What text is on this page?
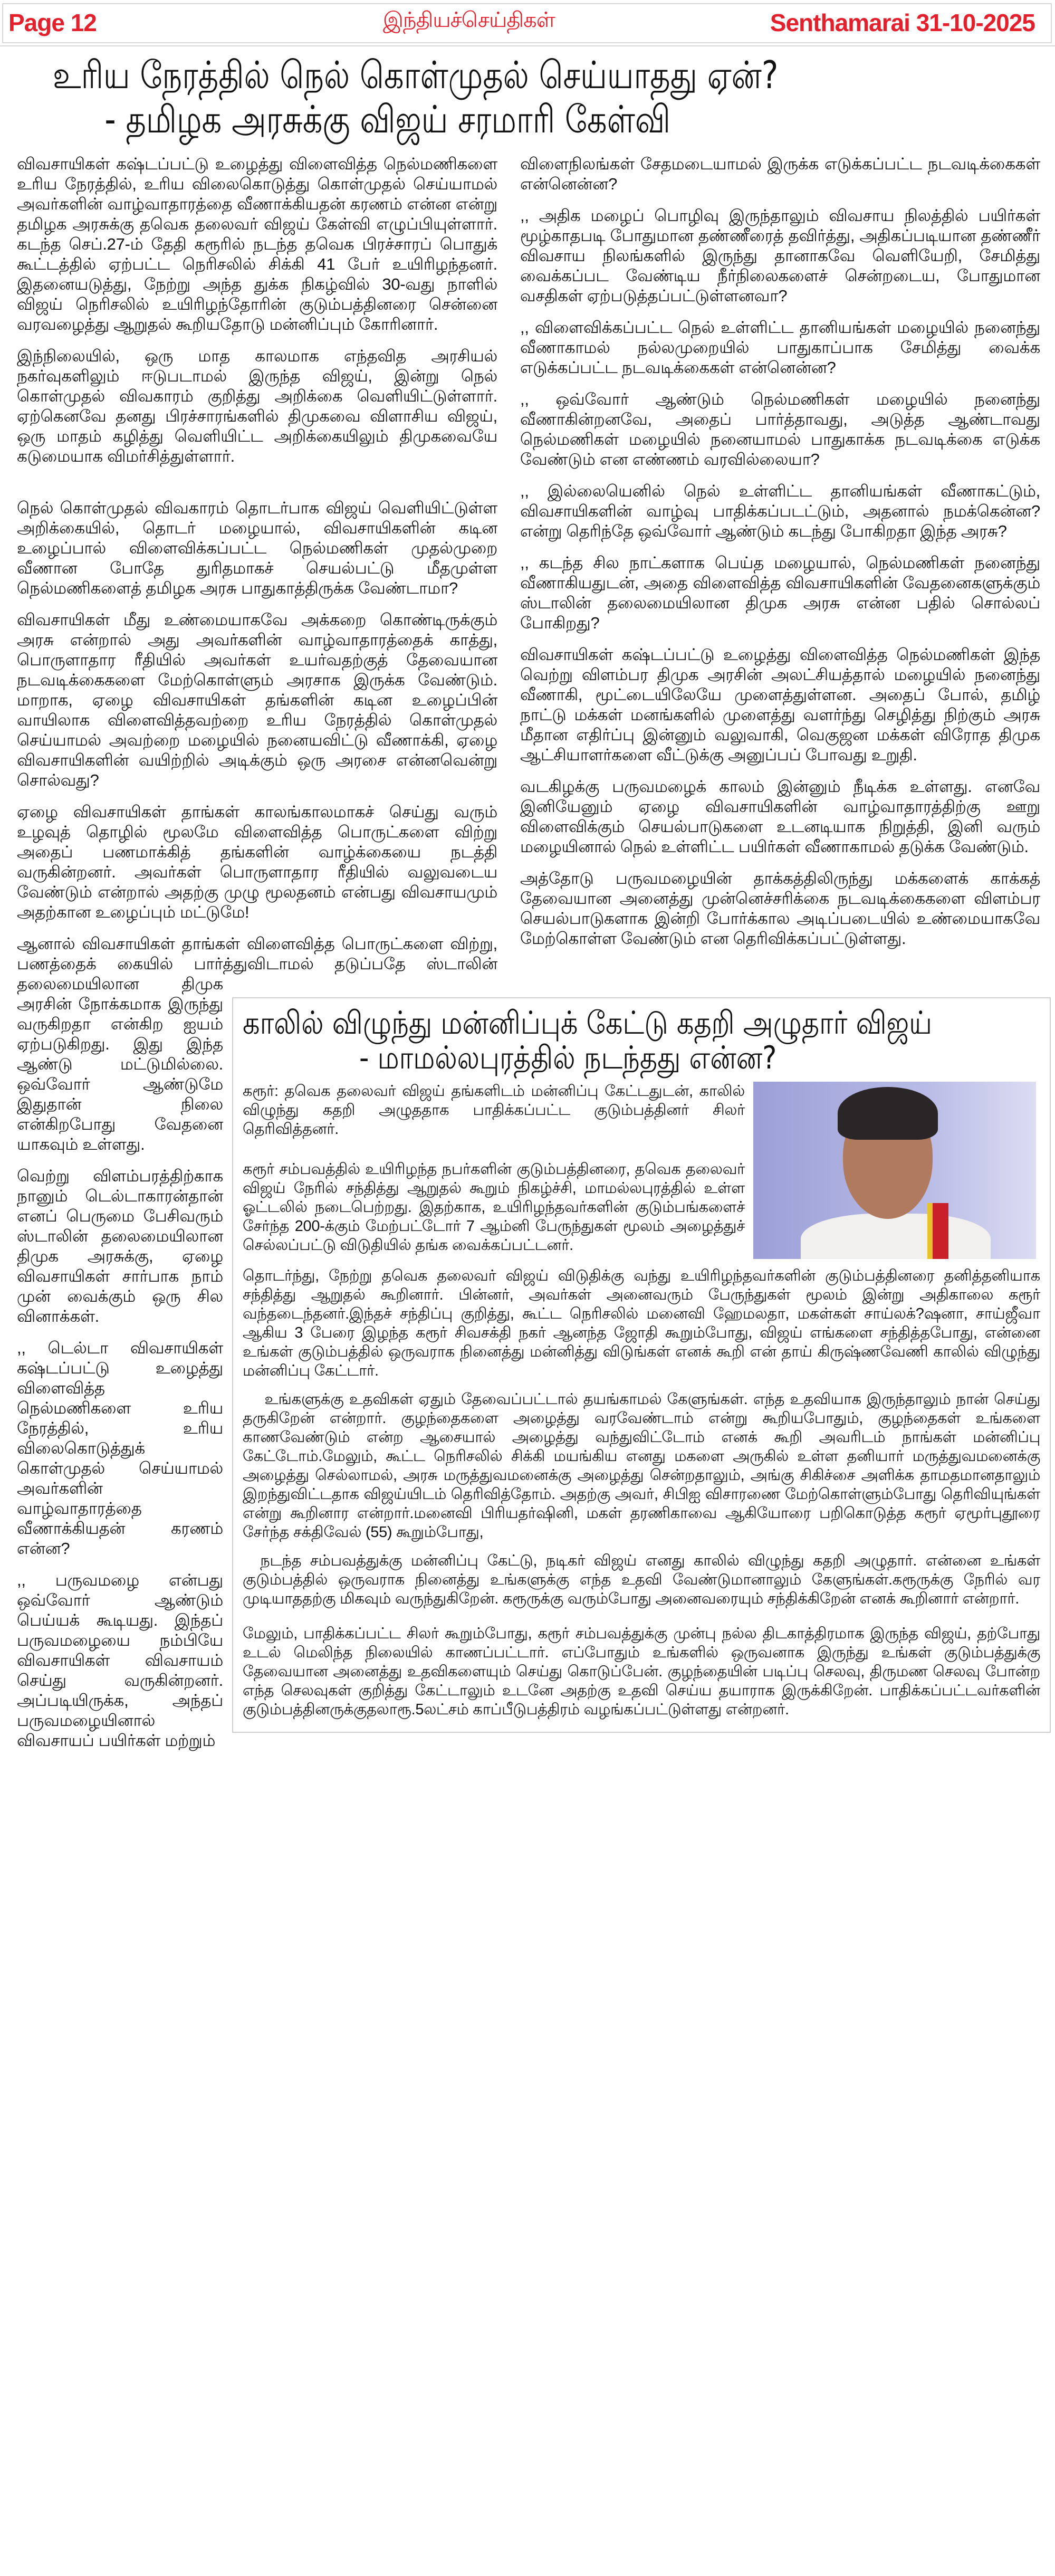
Page 12	இந்தியச்செய்திகள்	Senthamarai 31-10-2025
உரிய நேரத்தில் நெல் கொள்முதல் செய்யாதது ஏன்?
- தமிழக அரசுக்கு விஜய் சரமாரி கேள்வி

விவசாயிகள் கஷ்டப்பட்டு உழைத்து விளைவித்த நெல்மணிகளை உரிய நேரத்தில், உரிய விலைகொடுத்து கொள்முதல் செய்யாமல் அவர்களின் வாழ்வாதாரத்தை வீணாக்கியதன் கரணம் என்ன என்று தமிழக அரசுக்கு தவெக தலைவர் விஜய் கேள்வி எழுப்பியுள்ளார். கடந்த செப்.27-ம் தேதி கரூரில் நடந்த தவெக பிரச்சாரப் பொதுக் கூட்டத்தில் ஏற்பட்ட நெரிசலில் சிக்கி 41 பேர் உயிரிழந்தனர். இதனையடுத்து, நேற்று அந்த துக்க நிகழ்வில் 30-வது நாளில் விஜய் நெரிசலில் உயிரிழந்தோரின் குடும்பத்தினரை சென்னை வரவழைத்து ஆறுதல் கூறியதோடு மன்னிப்பும் கோரினார்.

இந்நிலையில், ஒரு மாத காலமாக எந்தவித அரசியல் நகர்வுகளிலும் ஈடுபடாமல் இருந்த விஜய், இன்று நெல் கொள்முதல் விவகாரம் குறித்து அறிக்கை வெளியிட்டுள்ளார். ஏற்கெனவே தனது பிரச்சாரங்களில் திமுகவை விளாசிய விஜய், ஒரு மாதம் கழித்து வெளியிட்ட அறிக்கையிலும் திமுகவையே கடுமையாக விமர்சித்துள்ளார்.

நெல் கொள்முதல் விவகாரம் தொடர்பாக விஜய் வெளியிட்டுள்ள அறிக்கையில், தொடர் மழையால், விவசாயிகளின் கடின உழைப்பால் விளைவிக்கப்பட்ட நெல்மணிகள் முதல்முறை வீணான போதே துரிதமாகச் செயல்பட்டு மீதமுள்ள நெல்மணிகளைத் தமிழக அரசு பாதுகாத்திருக்க வேண்டாமா?

விவசாயிகள் மீது உண்மையாகவே அக்கறை கொண்டிருக்கும் அரசு என்றால் அது அவர்களின் வாழ்வாதாரத்தைக் காத்து, பொருளாதார ரீதியில் அவர்கள் உயர்வதற்குத் தேவையான நடவடிக்கைகளை மேற்கொள்ளும் அரசாக இருக்க வேண்டும். மாறாக, ஏழை விவசாயிகள் தங்களின் கடின உழைப்பின் வாயிலாக விளைவித்தவற்றை உரிய நேரத்தில் கொள்முதல் செய்யாமல் அவற்றை மழையில் நனையவிட்டு வீணாக்கி, ஏழை விவசாயிகளின் வயிற்றில் அடிக்கும் ஒரு அரசை என்னவென்று சொல்வது?

ஏழை விவசாயிகள் தாங்கள் காலங்காலமாகச் செய்து வரும் உழவுத் தொழில் மூலமே விளைவித்த பொருட்களை விற்று அதைப் பணமாக்கித் தங்களின் வாழ்க்கையை நடத்தி வருகின்றனர். அவர்கள் பொருளாதார ரீதியில் வலுவடைய வேண்டும் என்றால் அதற்கு முழு மூலதனம் என்பது விவசாயமும் அதற்கான உழைப்பும் மட்டுமே!

ஆனால் விவசாயிகள் தாங்கள் விளைவித்த பொருட்களை விற்று, பணத்தைக் கையில் பார்த்துவிடாமல் தடுப்பதே ஸ்டாலின் தலைமையிலான திமுக அரசின் நோக்கமாக இருந்து வருகிறதா என்கிற ஐயம் ஏற்படுகிறது. இது இந்த ஆண்டு மட்டுமில்லை. ஒவ்வோர் ஆண்டுமே இதுதான் நிலை என்கிறபோது வேதனை யாகவும் உள்ளது.

வெற்று விளம்பரத்திற்காக நானும் டெல்டாகாரன்தான் எனப் பெருமை பேசிவரும் ஸ்டாலின் தலைமையிலான திமுக அரசுக்கு, ஏழை விவசாயிகள் சார்பாக நாம் முன் வைக்கும் ஒரு சில வினாக்கள்.

,, டெல்டா விவசாயிகள் கஷ்டப்பட்டு உழைத்து விளைவித்த நெல்மணிகளை உரிய நேரத்தில், உரிய விலைகொடுத்துக் கொள்முதல் செய்யாமல் அவர்களின் வாழ்வாதாரத்தை வீணாக்கியதன் கரணம் என்ன?

,, பருவமழை என்பது ஒவ்வோர் ஆண்டும் பெய்யக் கூடியது. இந்தப் பருவமழையை நம்பியே விவசாயிகள் விவசாயம் செய்து வருகின்றனர். அப்படியிருக்க, அந்தப் பருவமழையினால் விவசாயப் பயிர்கள் மற்றும்

விளைநிலங்கள் சேதமடையாமல் இருக்க எடுக்கப்பட்ட நடவடிக்கைகள் என்னென்ன?

,, அதிக மழைப் பொழிவு இருந்தாலும் விவசாய நிலத்தில் பயிர்கள் மூழ்காதபடி போதுமான தண்ணீரைத் தவிர்த்து, அதிகப்படியான தண்ணீர் விவசாய நிலங்களில் இருந்து தானாகவே வெளியேறி, சேமித்து வைக்கப்பட வேண்டிய நீர்நிலைகளைச் சென்றடைய, போதுமான வசதிகள் ஏற்படுத்தப்பட்டுள்ளனவா?

,, விளைவிக்கப்பட்ட நெல் உள்ளிட்ட தானியங்கள் மழையில் நனைந்து வீணாகாமல் நல்லமுறையில் பாதுகாப்பாக சேமித்து வைக்க எடுக்கப்பட்ட நடவடிக்கைகள் என்னென்ன?

,, ஒவ்வோர் ஆண்டும் நெல்மணிகள் மழையில் நனைந்து வீணாகின்றனவே, அதைப் பார்த்தாவது, அடுத்த ஆண்டாவது நெல்மணிகள் மழையில் நனையாமல் பாதுகாக்க நடவடிக்கை எடுக்க வேண்டும் என எண்ணம் வரவில்லையா?

,, இல்லையெனில் நெல் உள்ளிட்ட தானியங்கள் வீணாகட்டும், விவசாயிகளின் வாழ்வு பாதிக்கப்படட்டும், அதனால் நமக்கென்ன? என்று தெரிந்தே ஒவ்வோர் ஆண்டும் கடந்து போகிறதா இந்த அரசு?

,, கடந்த சில நாட்களாக பெய்த மழையால், நெல்மணிகள் நனைந்து வீணாகியதுடன், அதை விளைவித்த விவசாயிகளின் வேதனைகளுக்கும் ஸ்டாலின் தலைமையிலான திமுக அரசு என்ன பதில் சொல்லப் போகிறது?

விவசாயிகள் கஷ்டப்பட்டு உழைத்து விளைவித்த நெல்மணிகள் இந்த வெற்று விளம்பர திமுக அரசின் அலட்சியத்தால் மழையில் நனைந்து வீணாகி, மூட்டையிலேயே முளைத்துள்ளன. அதைப் போல், தமிழ் நாட்டு மக்கள் மனங்களில் முளைத்து வளர்ந்து செழித்து நிற்கும் அரசு மீதான எதிர்ப்பு இன்னும் வலுவாகி, வெகுஜன மக்கள் விரோத திமுக ஆட்சியாளர்களை வீட்டுக்கு அனுப்பப் போவது உறுதி.

வடகிழக்கு பருவமழைக் காலம் இன்னும் நீடிக்க உள்ளது. எனவே இனியேனும் ஏழை விவசாயிகளின் வாழ்வாதாரத்திற்கு ஊறு விளைவிக்கும் செயல்பாடுகளை உடனடியாக நிறுத்தி, இனி வரும் மழையினால் நெல் உள்ளிட்ட பயிர்கள் வீணாகாமல் தடுக்க வேண்டும்.

அத்தோடு பருவமழையின் தாக்கத்திலிருந்து மக்களைக் காக்கத் தேவையான அனைத்து முன்னெச்சரிக்கை நடவடிக்கைகளை விளம்பர செயல்பாடுகளாக இன்றி போர்க்கால அடிப்படையில் உண்மையாகவே மேற்கொள்ள வேண்டும் என தெரிவிக்கப்பட்டுள்ளது.

காலில் விழுந்து மன்னிப்புக் கேட்டு கதறி அழுதார் விஜய்
- மாமல்லபுரத்தில் நடந்தது என்ன?

கரூர்: தவெக தலைவர் விஜய் தங்களிடம் மன்னிப்பு கேட்டதுடன், காலில் விழுந்து கதறி அழுததாக பாதிக்கப்பட்ட குடும்பத்தினர் சிலர் தெரிவித்தனர்.

கரூர் சம்பவத்தில் உயிரிழந்த நபர்களின் குடும்பத்தினரை, தவெக தலைவர் விஜய் நேரில் சந்தித்து ஆறுதல் கூறும் நிகழ்ச்சி, மாமல்லபுரத்தில் உள்ள ஓட்டலில் நடைபெற்றது. இதற்காக, உயிரிழந்தவர்களின் குடும்பங்களைச் சேர்ந்த 200-க்கும் மேற்பட்டோர் 7 ஆம்னி பேருந்துகள் மூலம் அழைத்துச் செல்லப்பட்டு விடுதியில் தங்க வைக்கப்பட்டனர்.

தொடர்ந்து, நேற்று தவெக தலைவர் விஜய் விடுதிக்கு வந்து உயிரிழந்தவர்களின் குடும்பத்தினரை தனித்தனியாக சந்தித்து ஆறுதல் கூறினார். பின்னர், அவர்கள் அனைவரும் பேருந்துகள் மூலம் இன்று அதிகாலை கரூர் வந்தடைந்தனர்.இந்தச் சந்திப்பு குறித்து, கூட்ட நெரிசலில் மனைவி ஹேமலதா, மகள்கள் சாய்லக்?ஷனா, சாய்ஜீவா ஆகிய 3 பேரை இழந்த கரூர் சிவசக்தி நகர் ஆனந்த ஜோதி கூறும்போது, விஜய் எங்களை சந்தித்தபோது, என்னை உங்கள் குடும்பத்தில் ஒருவராக நினைத்து மன்னித்து விடுங்கள் எனக் கூறி என் தாய் கிருஷ்ணவேணி காலில் விழுந்து மன்னிப்பு கேட்டார்.

உங்களுக்கு உதவிகள் ஏதும் தேவைப்பட்டால் தயங்காமல் கேளுங்கள். எந்த உதவியாக இருந்தாலும் நான் செய்து தருகிறேன் என்றார். குழந்தைகளை அழைத்து வரவேண்டாம் என்று கூறியபோதும், குழந்தைகள் உங்களை காணவேண்டும் என்ற ஆசையால் அழைத்து வந்துவிட்டோம் எனக் கூறி அவரிடம் நாங்கள் மன்னிப்பு கேட்டோம்.மேலும், கூட்ட நெரிசலில் சிக்கி மயங்கிய எனது மகளை அருகில் உள்ள தனியார் மருத்துவமனைக்கு அழைத்து செல்லாமல், அரசு மருத்துவமனைக்கு அழைத்து சென்றதாலும், அங்கு சிகிச்சை அளிக்க தாமதமானதாலும் இறந்துவிட்டதாக விஜய்யிடம் தெரிவித்தோம். அதற்கு அவர், சிபிஐ விசாரணை மேற்கொள்ளும்போது தெரிவியுங்கள் என்று கூறினார என்றார்.மனைவி பிரியதர்ஷினி, மகள் தரணிகாவை ஆகியோரை பறிகொடுத்த கரூர் ஏமூர்புதூரை சேர்ந்த சக்திவேல் (55) கூறும்போது,

நடந்த சம்பவத்துக்கு மன்னிப்பு கேட்டு, நடிகர் விஜய் எனது காலில் விழுந்து கதறி அழுதார். என்னை உங்கள் குடும்பத்தில் ஒருவராக நினைத்து உங்களுக்கு எந்த உதவி வேண்டுமானாலும் கேளுங்கள்.கரூருக்கு நேரில் வர முடியாததற்கு மிகவும் வருந்துகிறேன். கரூருக்கு வரும்போது அனைவரையும் சந்திக்கிறேன் எனக் கூறினார் என்றார்.

மேலும், பாதிக்கப்பட்ட சிலர் கூறும்போது, கரூர் சம்பவத்துக்கு முன்பு நல்ல திடகாத்திரமாக இருந்த விஜய், தற்போது உடல் மெலிந்த நிலையில் காணப்பட்டார். எப்போதும் உங்களில் ஒருவனாக இருந்து உங்கள் குடும்பத்துக்கு தேவையான அனைத்து உதவிகளையும் செய்து கொடுப்பேன். குழந்தையின் படிப்பு செலவு, திருமண செலவு போன்ற எந்த செலவுகள் குறித்து கேட்டாலும் உடனே அதற்கு உதவி செய்ய தயாராக இருக்கிறேன். பாதிக்கப்பட்டவர்களின் குடும்பத்தினருக்குதலாரூ.5லட்சம் காப்பீடுபத்திரம் வழங்கப்பட்டுள்ளது என்றனர்.
